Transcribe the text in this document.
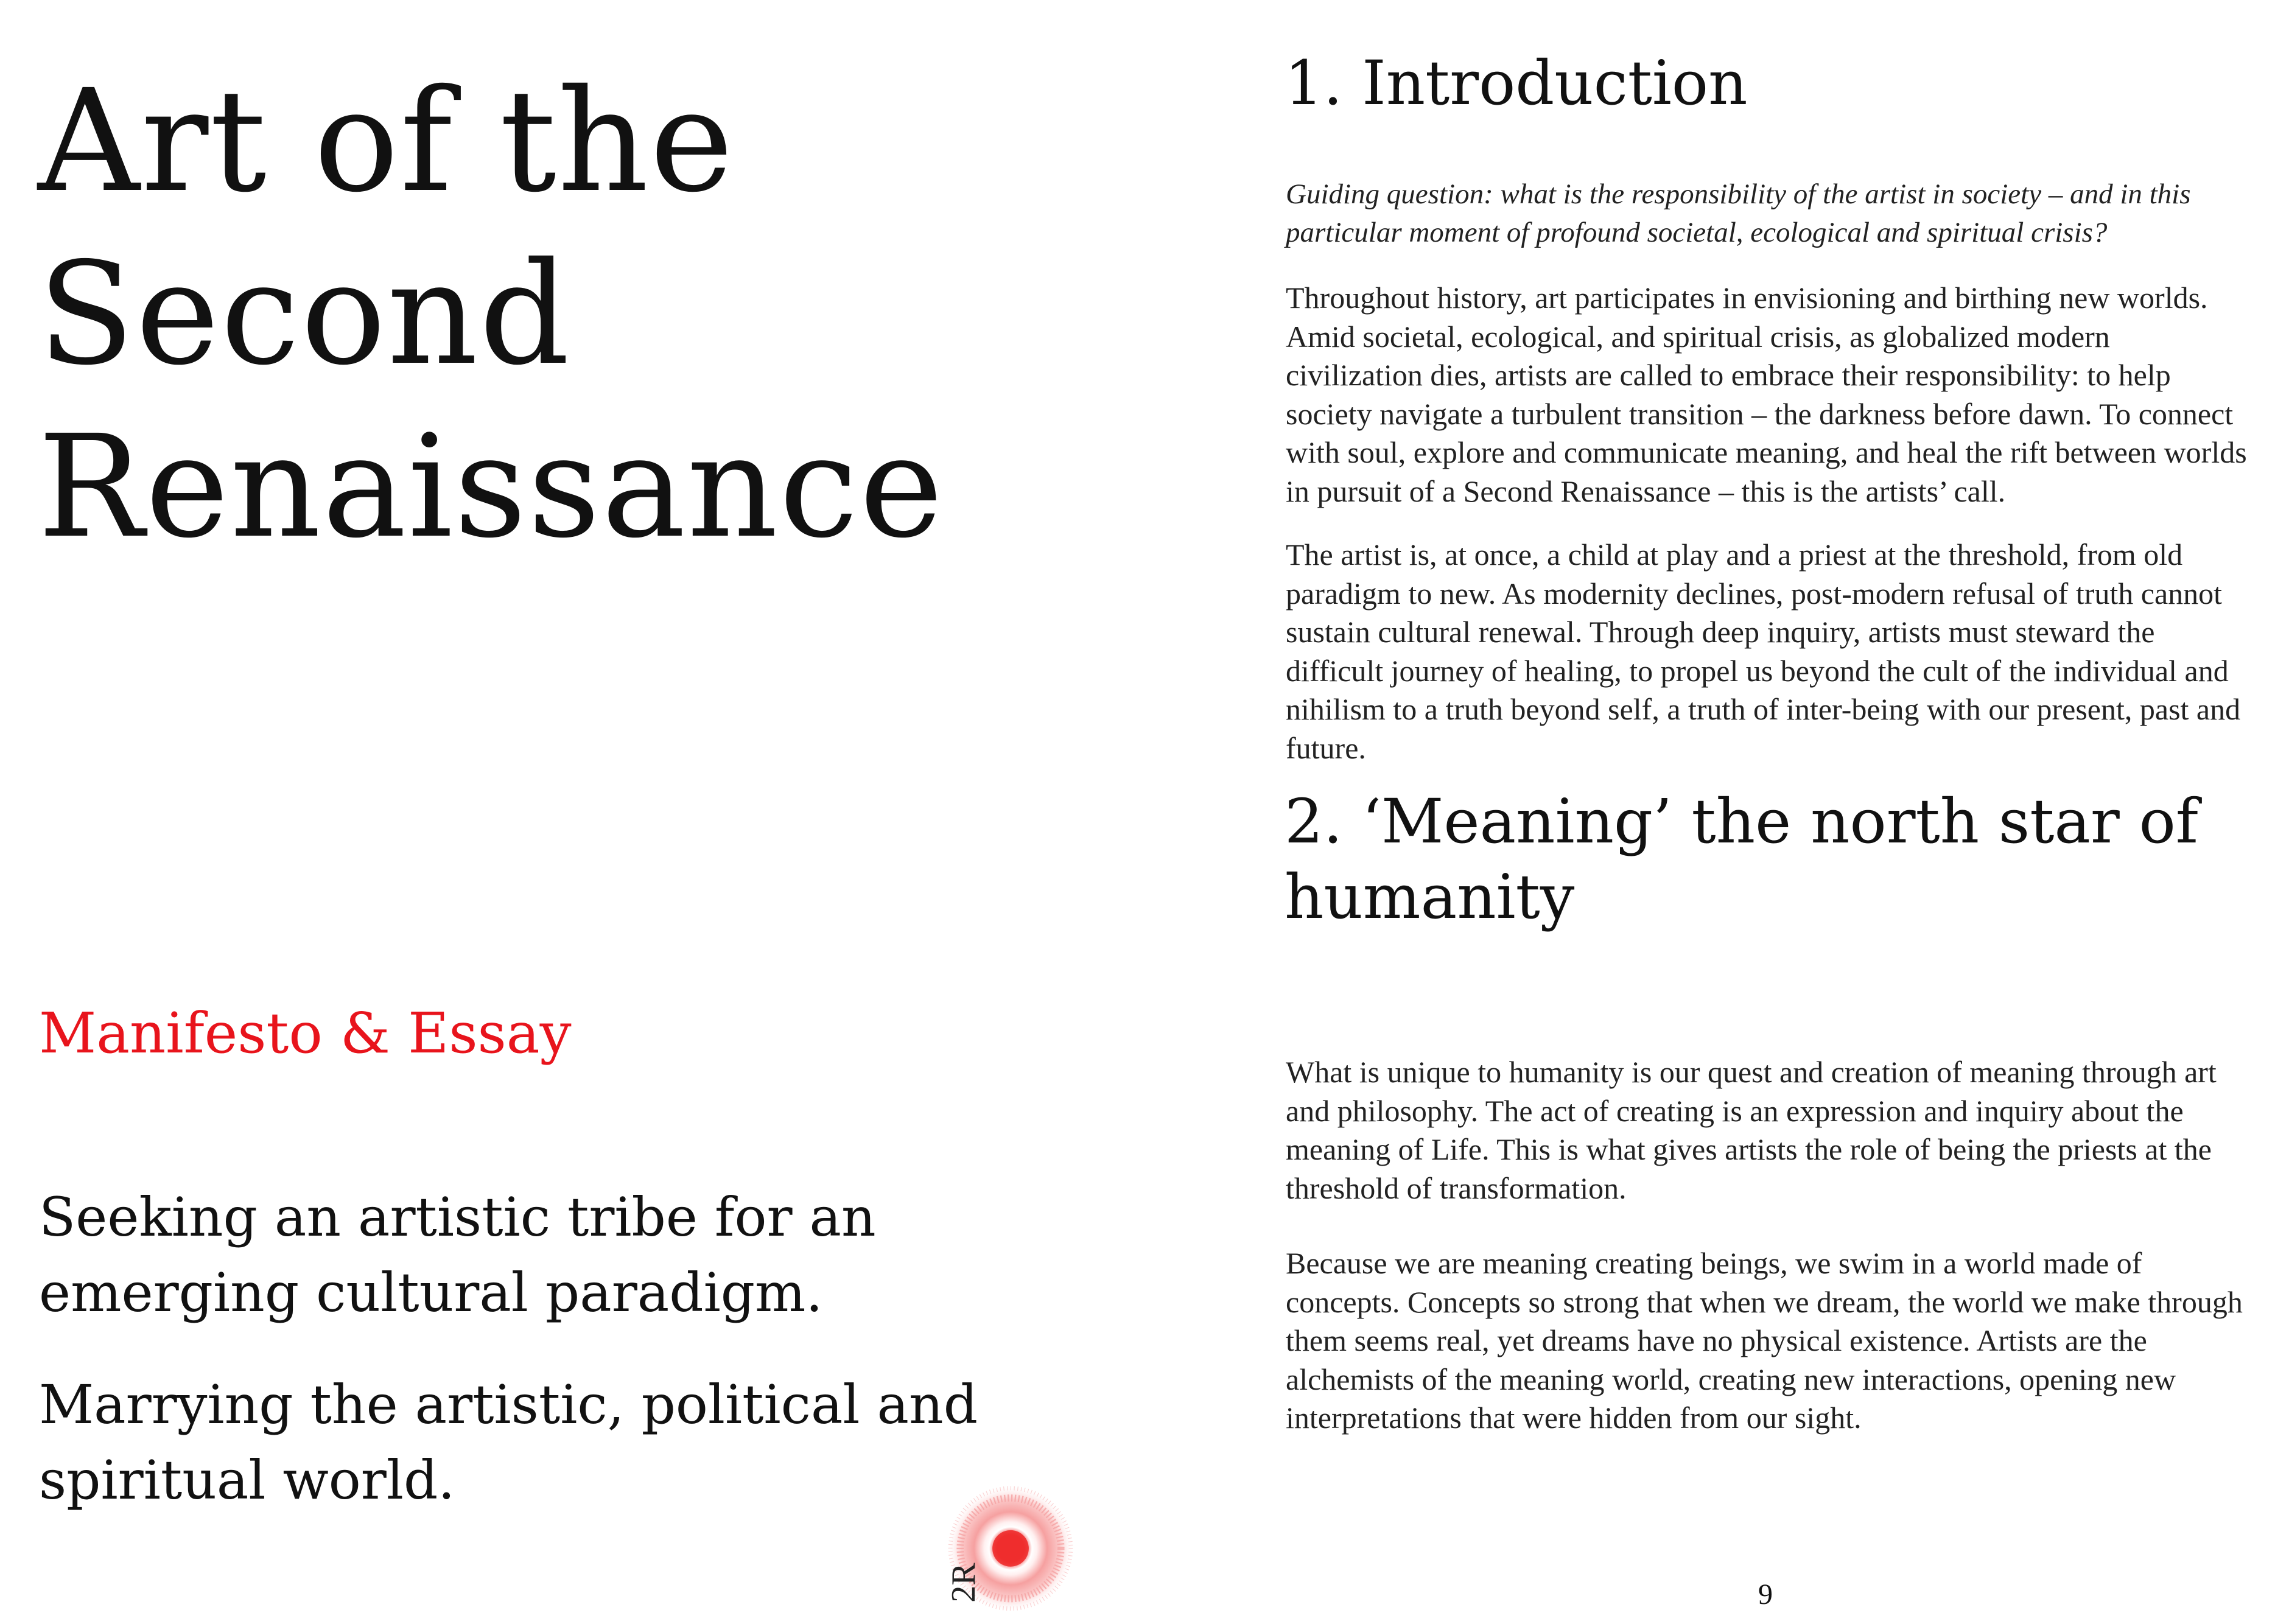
Art of the
Second
Renaissance

Manifesto & Essay

Seeking an artistic tribe for an emerging cultural paradigm.

Marrying the artistic, political and spiritual world.

2R
1. Introduction

Guiding question: what is the responsibility of the artist in society – and in this particular moment of profound societal, ecological and spiritual crisis?

Throughout history, art participates in envisioning and birthing new worlds. Amid societal, ecological, and spiritual crisis, as globalized modern civilization dies, artists are called to embrace their responsibility: to help society navigate a turbulent transition – the darkness before dawn. To connect with soul, explore and communicate meaning, and heal the rift between worlds in pursuit of a Second Renaissance – this is the artists’ call.

The artist is, at once, a child at play and a priest at the threshold, from old paradigm to new. As modernity declines, post-modern refusal of truth cannot sustain cultural renewal. Through deep inquiry, artists must steward the difficult journey of healing, to propel us beyond the cult of the individual and nihilism to a truth beyond self, a truth of inter-being with our present, past and future.

2. ‘Meaning’ the north star of humanity

What is unique to humanity is our quest and creation of meaning through art and philosophy. The act of creating is an expression and inquiry about the meaning of Life. This is what gives artists the role of being the priests at the threshold of transformation.

Because we are meaning creating beings, we swim in a world made of concepts. Concepts so strong that when we dream, the world we make through them seems real, yet dreams have no physical existence. Artists are the alchemists of the meaning world, creating new interactions, opening new interpretations that were hidden from our sight.

9
